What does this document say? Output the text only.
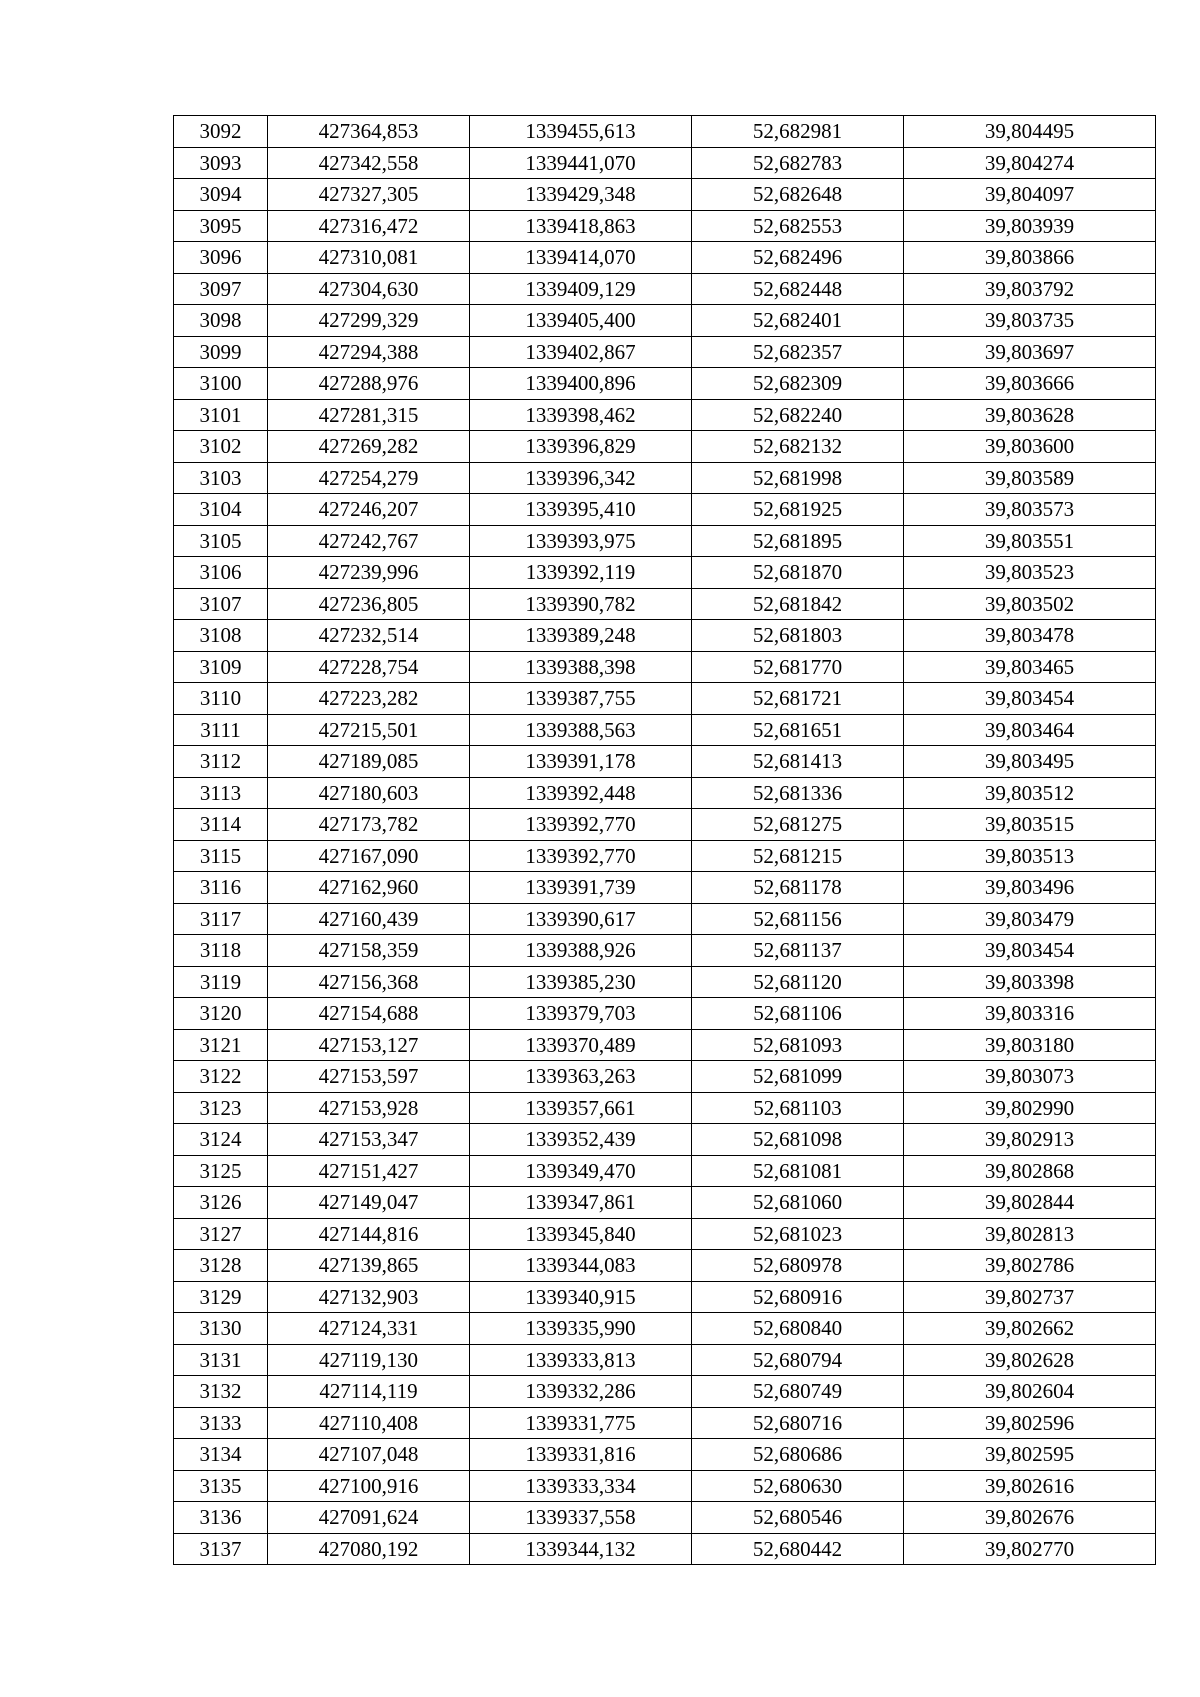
3092	427364,853	1339455,613	52,682981	39,804495
3093	427342,558	1339441,070	52,682783	39,804274
3094	427327,305	1339429,348	52,682648	39,804097
3095	427316,472	1339418,863	52,682553	39,803939
3096	427310,081	1339414,070	52,682496	39,803866
3097	427304,630	1339409,129	52,682448	39,803792
3098	427299,329	1339405,400	52,682401	39,803735
3099	427294,388	1339402,867	52,682357	39,803697
3100	427288,976	1339400,896	52,682309	39,803666
3101	427281,315	1339398,462	52,682240	39,803628
3102	427269,282	1339396,829	52,682132	39,803600
3103	427254,279	1339396,342	52,681998	39,803589
3104	427246,207	1339395,410	52,681925	39,803573
3105	427242,767	1339393,975	52,681895	39,803551
3106	427239,996	1339392,119	52,681870	39,803523
3107	427236,805	1339390,782	52,681842	39,803502
3108	427232,514	1339389,248	52,681803	39,803478
3109	427228,754	1339388,398	52,681770	39,803465
3110	427223,282	1339387,755	52,681721	39,803454
3111	427215,501	1339388,563	52,681651	39,803464
3112	427189,085	1339391,178	52,681413	39,803495
3113	427180,603	1339392,448	52,681336	39,803512
3114	427173,782	1339392,770	52,681275	39,803515
3115	427167,090	1339392,770	52,681215	39,803513
3116	427162,960	1339391,739	52,681178	39,803496
3117	427160,439	1339390,617	52,681156	39,803479
3118	427158,359	1339388,926	52,681137	39,803454
3119	427156,368	1339385,230	52,681120	39,803398
3120	427154,688	1339379,703	52,681106	39,803316
3121	427153,127	1339370,489	52,681093	39,803180
3122	427153,597	1339363,263	52,681099	39,803073
3123	427153,928	1339357,661	52,681103	39,802990
3124	427153,347	1339352,439	52,681098	39,802913
3125	427151,427	1339349,470	52,681081	39,802868
3126	427149,047	1339347,861	52,681060	39,802844
3127	427144,816	1339345,840	52,681023	39,802813
3128	427139,865	1339344,083	52,680978	39,802786
3129	427132,903	1339340,915	52,680916	39,802737
3130	427124,331	1339335,990	52,680840	39,802662
3131	427119,130	1339333,813	52,680794	39,802628
3132	427114,119	1339332,286	52,680749	39,802604
3133	427110,408	1339331,775	52,680716	39,802596
3134	427107,048	1339331,816	52,680686	39,802595
3135	427100,916	1339333,334	52,680630	39,802616
3136	427091,624	1339337,558	52,680546	39,802676
3137	427080,192	1339344,132	52,680442	39,802770
